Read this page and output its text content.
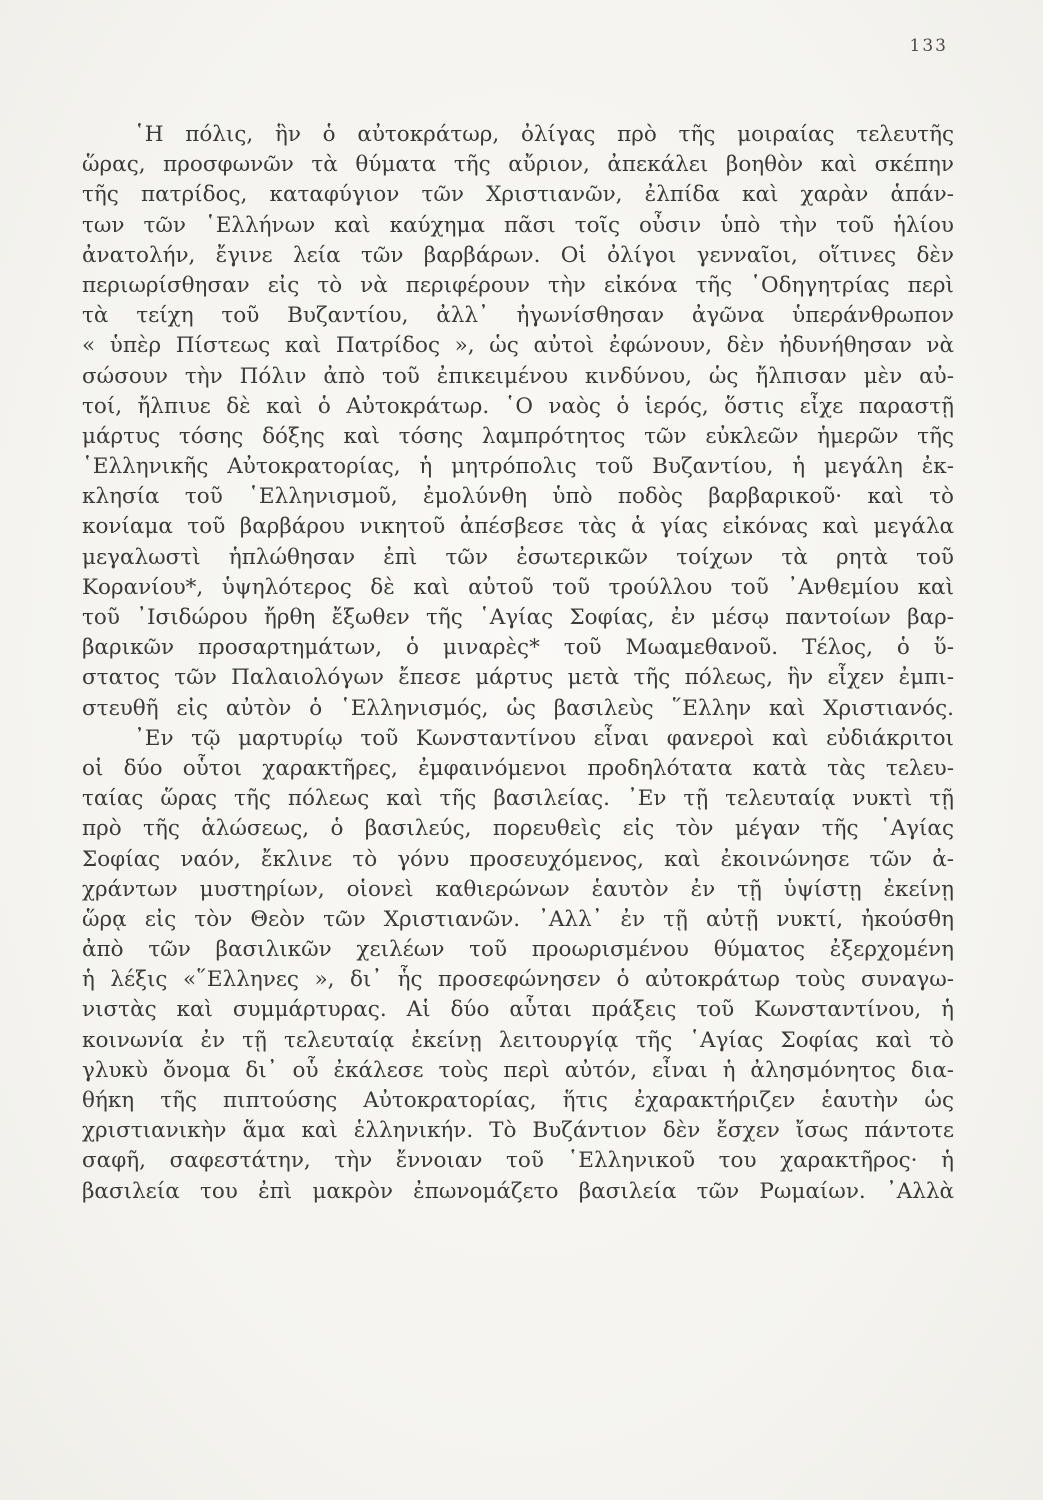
133
῾Η πόλις, ἣν ὁ αὐτοκράτωρ, ὀλίγας πρὸ τῆς μοιραίας τελευτῆς
ὥρας, προσφωνῶν τὰ θύματα τῆς αὔριον, ἀπεκάλει βοηθὸν καὶ σκέπην
τῆς πατρίδος, καταφύγιον τῶν Χριστιανῶν, ἐλπίδα καὶ χαρὰν ἁπάν-
των τῶν ῾Ελλήνων καὶ καύχημα πᾶσι τοῖς οὖσιν ὑπὸ τὴν τοῦ ἡλίου
ἀνατολήν, ἔγινε λεία τῶν βαρβάρων. Οἱ ὀλίγοι γενναῖοι, οἵτινες δὲν
περιωρίσθησαν εἰς τὸ νὰ περιφέρουν τὴν εἰκόνα τῆς ῾Οδηγητρίας περὶ
τὰ τείχη τοῦ Βυζαντίου, ἀλλ᾽ ἠγωνίσθησαν ἀγῶνα ὑπεράνθρωπον
« ὑπὲρ Πίστεως καὶ Πατρίδος », ὡς αὐτοὶ ἐφώνουν, δὲν ἠδυνήθησαν νὰ
σώσουν τὴν Πόλιν ἀπὸ τοῦ ἐπικειμένου κινδύνου, ὡς ἤλπισαν μὲν αὐ-
τοί, ἤλπιυε δὲ καὶ ὁ Αὐτοκράτωρ. ῾Ο ναὸς ὁ ἱερός, ὅστις εἶχε παραστῇ
μάρτυς τόσης δόξης καὶ τόσης λαμπρότητος τῶν εὐκλεῶν ἡμερῶν τῆς
῾Ελληνικῆς Αὐτοκρατορίας, ἡ μητρόπολις τοῦ Βυζαντίου, ἡ μεγάλη ἐκ-
κλησία τοῦ ῾Ελληνισμοῦ, ἐμολύνθη ὑπὸ ποδὸς βαρβαρικοῦ· καὶ τὸ
κονίαμα τοῦ βαρβάρου νικητοῦ ἀπέσβεσε τὰς ἁ γίας εἰκόνας καὶ μεγάλα
μεγαλωστὶ ἡπλώθησαν ἐπὶ τῶν ἐσωτερικῶν τοίχων τὰ ρητὰ τοῦ
Κορανίου*, ὑψηλότερος δὲ καὶ αὐτοῦ τοῦ τρούλλου τοῦ ᾿Ανθεμίου καὶ
τοῦ ᾿Ισιδώρου ἤρθη ἔξωθεν τῆς ῾Αγίας Σοφίας, ἐν μέσῳ παντοίων βαρ-
βαρικῶν προσαρτημάτων, ὁ μιναρὲς* τοῦ Μωαμεθανοῦ. Τέλος, ὁ ὕ-
στατος τῶν Παλαιολόγων ἔπεσε μάρτυς μετὰ τῆς πόλεως, ἣν εἶχεν ἐμπι-
στευθῆ εἰς αὐτὸν ὁ ῾Ελληνισμός, ὡς βασιλεὺς ῞Ελλην καὶ Χριστιανός.
᾿Εν τῷ μαρτυρίῳ τοῦ Κωνσταντίνου εἶναι φανεροὶ καὶ εὐδιάκριτοι
οἱ δύο οὗτοι χαρακτῆρες, ἐμφαινόμενοι προδηλότατα κατὰ τὰς τελευ-
ταίας ὥρας τῆς πόλεως καὶ τῆς βασιλείας. ᾿Εν τῇ τελευταίᾳ νυκτὶ τῇ
πρὸ τῆς ἁλώσεως, ὁ βασιλεύς, πορευθεὶς εἰς τὸν μέγαν τῆς ῾Αγίας
Σοφίας ναόν, ἔκλινε τὸ γόνυ προσευχόμενος, καὶ ἐκοινώνησε τῶν ἀ-
χράντων μυστηρίων, οἱονεὶ καθιερώνων ἑαυτὸν ἐν τῇ ὑψίστῃ ἐκείνῃ
ὥρᾳ εἰς τὸν Θεὸν τῶν Χριστιανῶν. ᾿Αλλ᾽ ἐν τῇ αὐτῇ νυκτί, ἠκούσθη
ἀπὸ τῶν βασιλικῶν χειλέων τοῦ προωρισμένου θύματος ἐξερχομένη
ἡ λέξις «῞Ελληνες », δι᾽ ἧς προσεφώνησεν ὁ αὐτοκράτωρ τοὺς συναγω-
νιστὰς καὶ συμμάρτυρας. Αἱ δύο αὗται πράξεις τοῦ Κωνσταντίνου, ἡ
κοινωνία ἐν τῇ τελευταίᾳ ἐκείνῃ λειτουργίᾳ τῆς ῾Αγίας Σοφίας καὶ τὸ
γλυκὺ ὄνομα δι᾽ οὗ ἐκάλεσε τοὺς περὶ αὐτόν, εἶναι ἡ ἀλησμόνητος δια-
θήκη τῆς πιπτούσης Αὐτοκρατορίας, ἥτις ἐχαρακτήριζεν ἑαυτὴν ὡς
χριστιανικὴν ἅμα καὶ ἑλληνικήν. Τὸ Βυζάντιον δὲν ἔσχεν ἴσως πάντοτε
σαφῆ, σαφεστάτην, τὴν ἔννοιαν τοῦ ῾Ελληνικοῦ του χαρακτῆρος· ἡ
βασιλεία του ἐπὶ μακρὸν ἐπωνομάζετο βασιλεία τῶν Ρωμαίων. ᾿Αλλὰ
